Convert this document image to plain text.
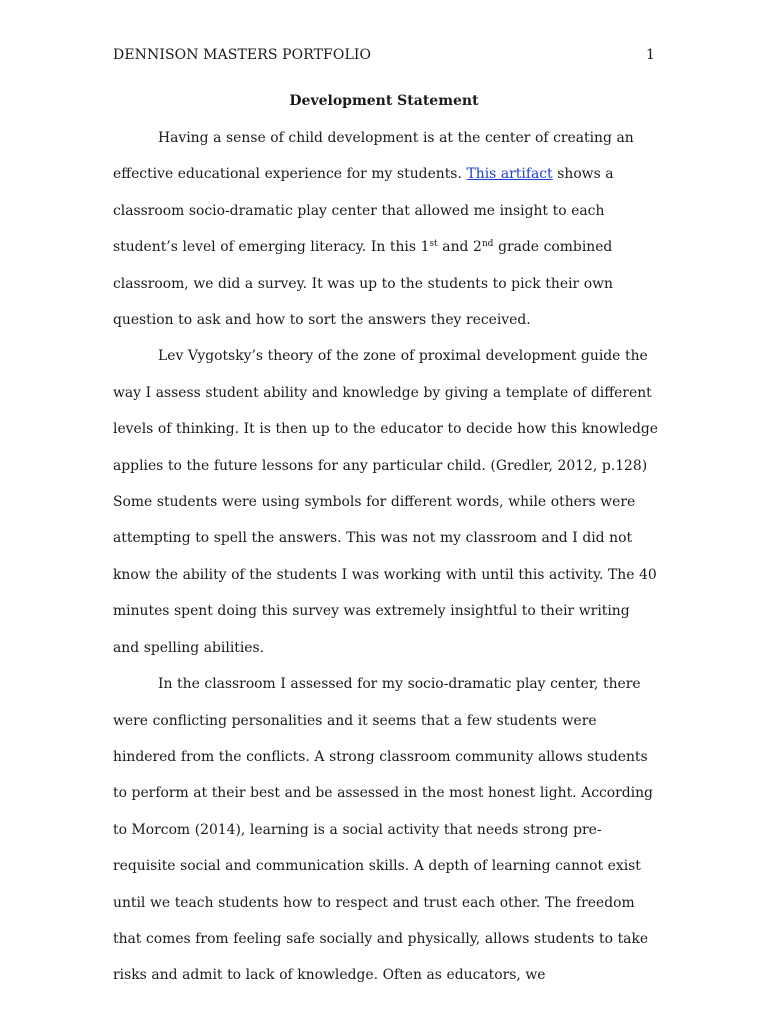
DENNISON MASTERS PORTFOLIO	1
Development Statement

Having a sense of child development is at the center of creating an effective educational experience for my students. This artifact shows a classroom socio-dramatic play center that allowed me insight to each student’s level of emerging literacy. In this 1st and 2nd grade combined classroom, we did a survey. It was up to the students to pick their own question to ask and how to sort the answers they received.

Lev Vygotsky’s theory of the zone of proximal development guide the way I assess student ability and knowledge by giving a template of different levels of thinking. It is then up to the educator to decide how this knowledge applies to the future lessons for any particular child. (Gredler, 2012, p.128) Some students were using symbols for different words, while others were attempting to spell the answers. This was not my classroom and I did not know the ability of the students I was working with until this activity. The 40 minutes spent doing this survey was extremely insightful to their writing and spelling abilities.

In the classroom I assessed for my socio-dramatic play center, there were conflicting personalities and it seems that a few students were hindered from the conflicts. A strong classroom community allows students to perform at their best and be assessed in the most honest light. According to Morcom (2014), learning is a social activity that needs strong pre-requisite social and communication skills. A depth of learning cannot exist until we teach students how to respect and trust each other. The freedom that comes from feeling safe socially and physically, allows students to take risks and admit to lack of knowledge. Often as educators, we
